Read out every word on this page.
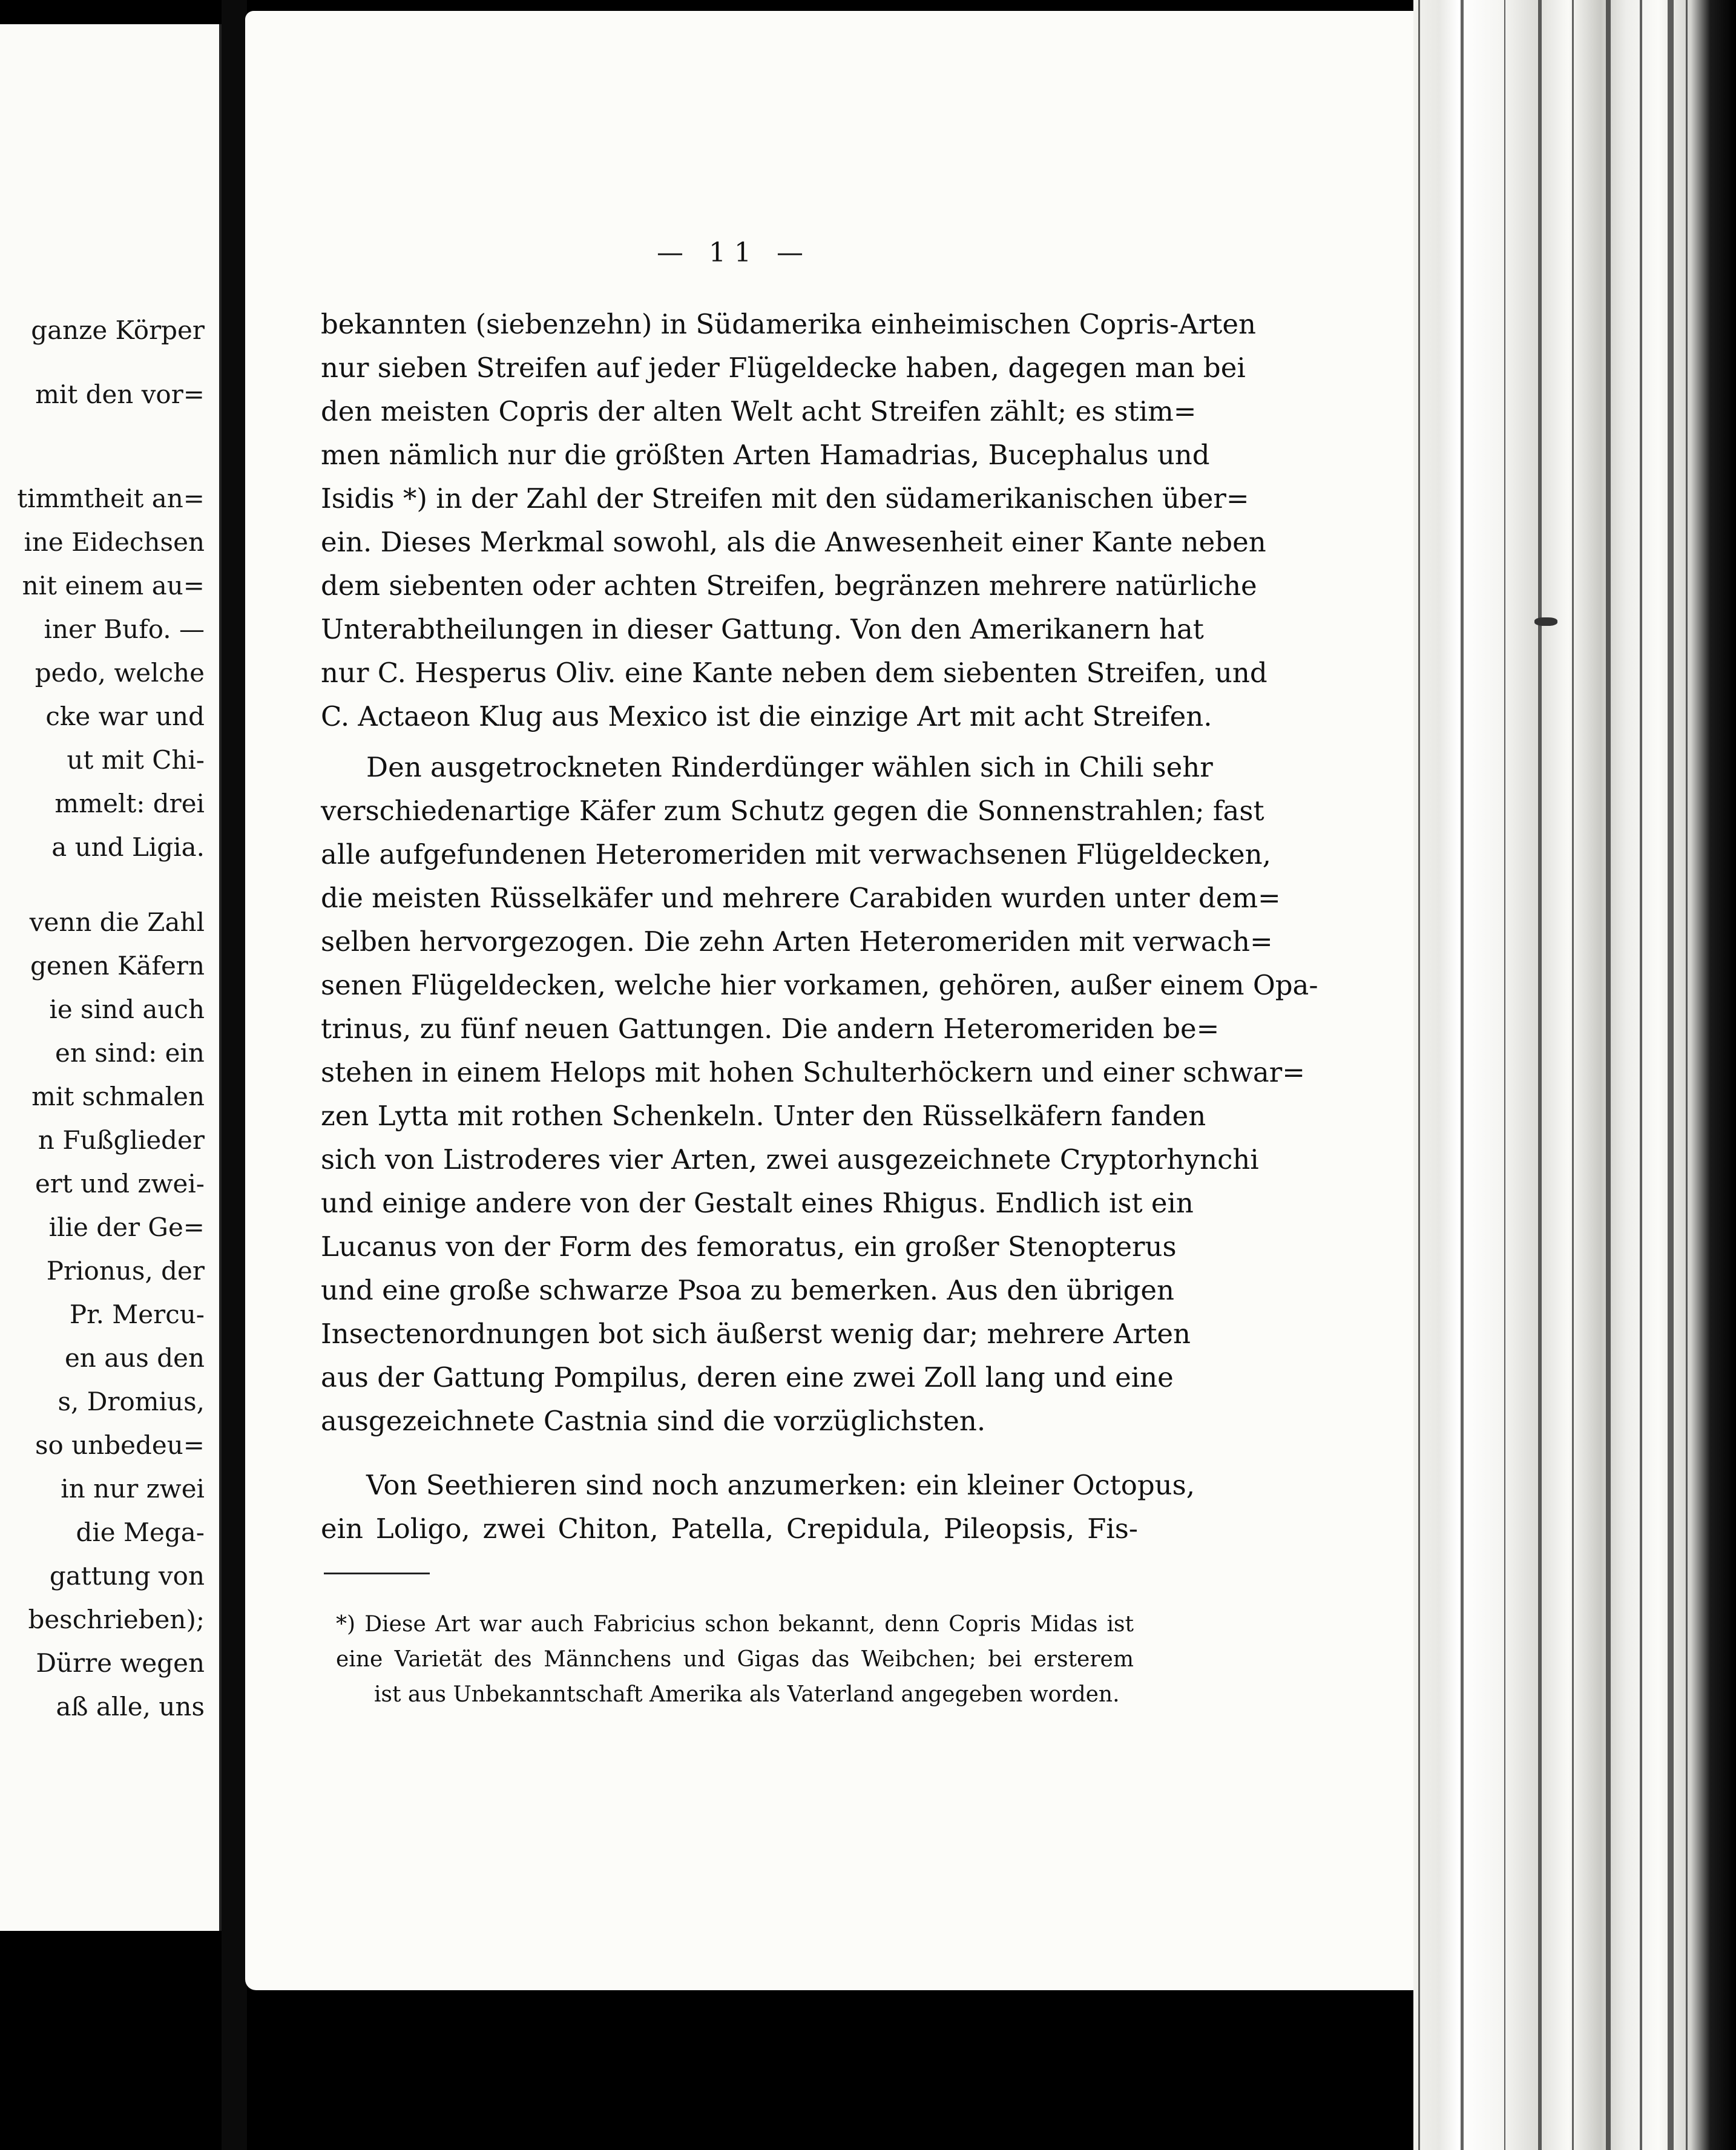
ganze Körper
mit den vor=
timmtheit an=
ine Eidechsen
nit einem au=
iner Bufo. —
pedo, welche
cke war und
ut mit Chi-
mmelt: drei
a und Ligia.
venn die Zahl
genen Käfern
ie sind auch
en sind: ein
mit schmalen
n Fußglieder
ert und zwei-
ilie der Ge=
Prionus, der
Pr. Mercu-
en aus den
s, Dromius,
so unbedeu=
in nur zwei
die Mega-
gattung von
beschrieben);
Dürre wegen
aß alle, uns
— 11 —
bekannten (siebenzehn) in Südamerika einheimischen Copris-Arten
nur sieben Streifen auf jeder Flügeldecke haben, dagegen man bei
den meisten Copris der alten Welt acht Streifen zählt; es stim=
men nämlich nur die größten Arten Hamadrias, Bucephalus und
Isidis *) in der Zahl der Streifen mit den südamerikanischen über=
ein. Dieses Merkmal sowohl, als die Anwesenheit einer Kante neben
dem siebenten oder achten Streifen, begränzen mehrere natürliche
Unterabtheilungen in dieser Gattung. Von den Amerikanern hat
nur C. Hesperus Oliv. eine Kante neben dem siebenten Streifen, und
C. Actaeon Klug aus Mexico ist die einzige Art mit acht Streifen.
Den ausgetrockneten Rinderdünger wählen sich in Chili sehr
verschiedenartige Käfer zum Schutz gegen die Sonnenstrahlen; fast
alle aufgefundenen Heteromeriden mit verwachsenen Flügeldecken,
die meisten Rüsselkäfer und mehrere Carabiden wurden unter dem=
selben hervorgezogen. Die zehn Arten Heteromeriden mit verwach=
senen Flügeldecken, welche hier vorkamen, gehören, außer einem Opa-
trinus, zu fünf neuen Gattungen. Die andern Heteromeriden be=
stehen in einem Helops mit hohen Schulterhöckern und einer schwar=
zen Lytta mit rothen Schenkeln. Unter den Rüsselkäfern fanden
sich von Listroderes vier Arten, zwei ausgezeichnete Cryptorhynchi
und einige andere von der Gestalt eines Rhigus. Endlich ist ein
Lucanus von der Form des femoratus, ein großer Stenopterus
und eine große schwarze Psoa zu bemerken. Aus den übrigen
Insectenordnungen bot sich äußerst wenig dar; mehrere Arten
aus der Gattung Pompilus, deren eine zwei Zoll lang und eine
ausgezeichnete Castnia sind die vorzüglichsten.
Von Seethieren sind noch anzumerken: ein kleiner Octopus,
ein Loligo, zwei Chiton, Patella, Crepidula, Pileopsis, Fis-
*) Diese Art war auch Fabricius schon bekannt, denn Copris Midas ist
eine Varietät des Männchens und Gigas das Weibchen; bei ersterem
ist aus Unbekanntschaft Amerika als Vaterland angegeben worden.
